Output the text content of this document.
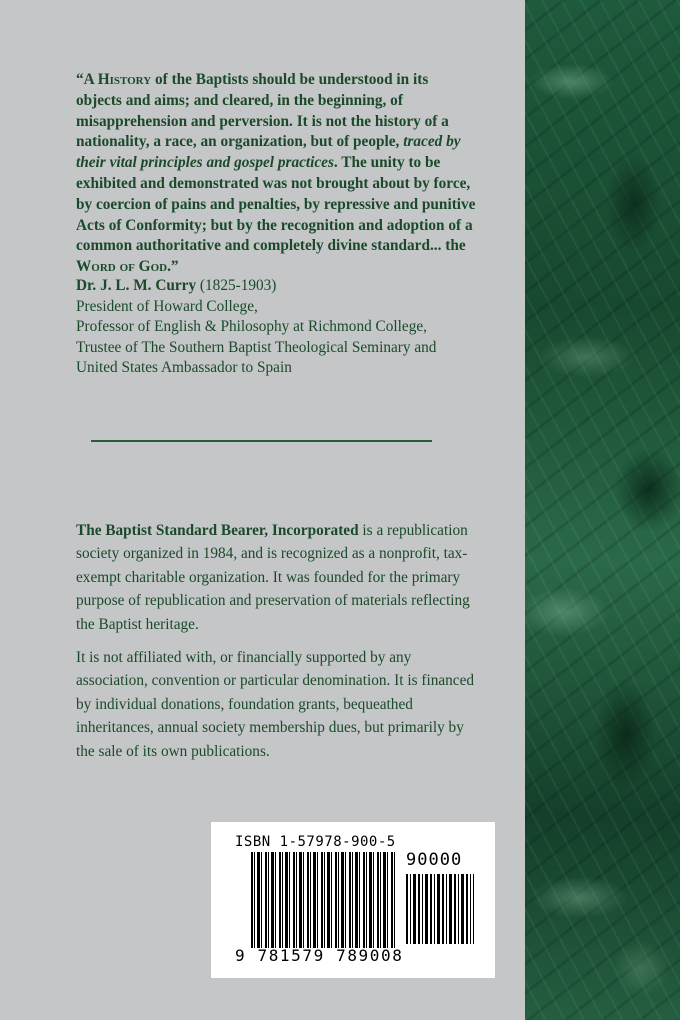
“A History of the Baptists should be understood in its objects and aims; and cleared, in the beginning, of misapprehension and perversion. It is not the history of a nationality, a race, an organization, but of people, traced by their vital principles and gospel practices. The unity to be exhibited and demonstrated was not brought about by force, by coercion of pains and penalties, by repressive and punitive Acts of Conformity; but by the recognition and adoption of a common authoritative and completely divine standard... the Word of God.”
Dr. J. L. M. Curry (1825-1903)
President of Howard College,
Professor of English & Philosophy at Richmond College,
Trustee of The Southern Baptist Theological Seminary and
United States Ambassador to Spain

The Baptist Standard Bearer, Incorporated is a republication society organized in 1984, and is recognized as a nonprofit, tax-exempt charitable organization. It was founded for the primary purpose of republication and preservation of materials reflecting the Baptist heritage.

It is not affiliated with, or financially supported by any association, convention or particular denomination. It is financed by individual donations, foundation grants, bequeathed inheritances, annual society membership dues, but primarily by the sale of its own publications.

ISBN 1-57978-900-5
90000
9 781579 789008
